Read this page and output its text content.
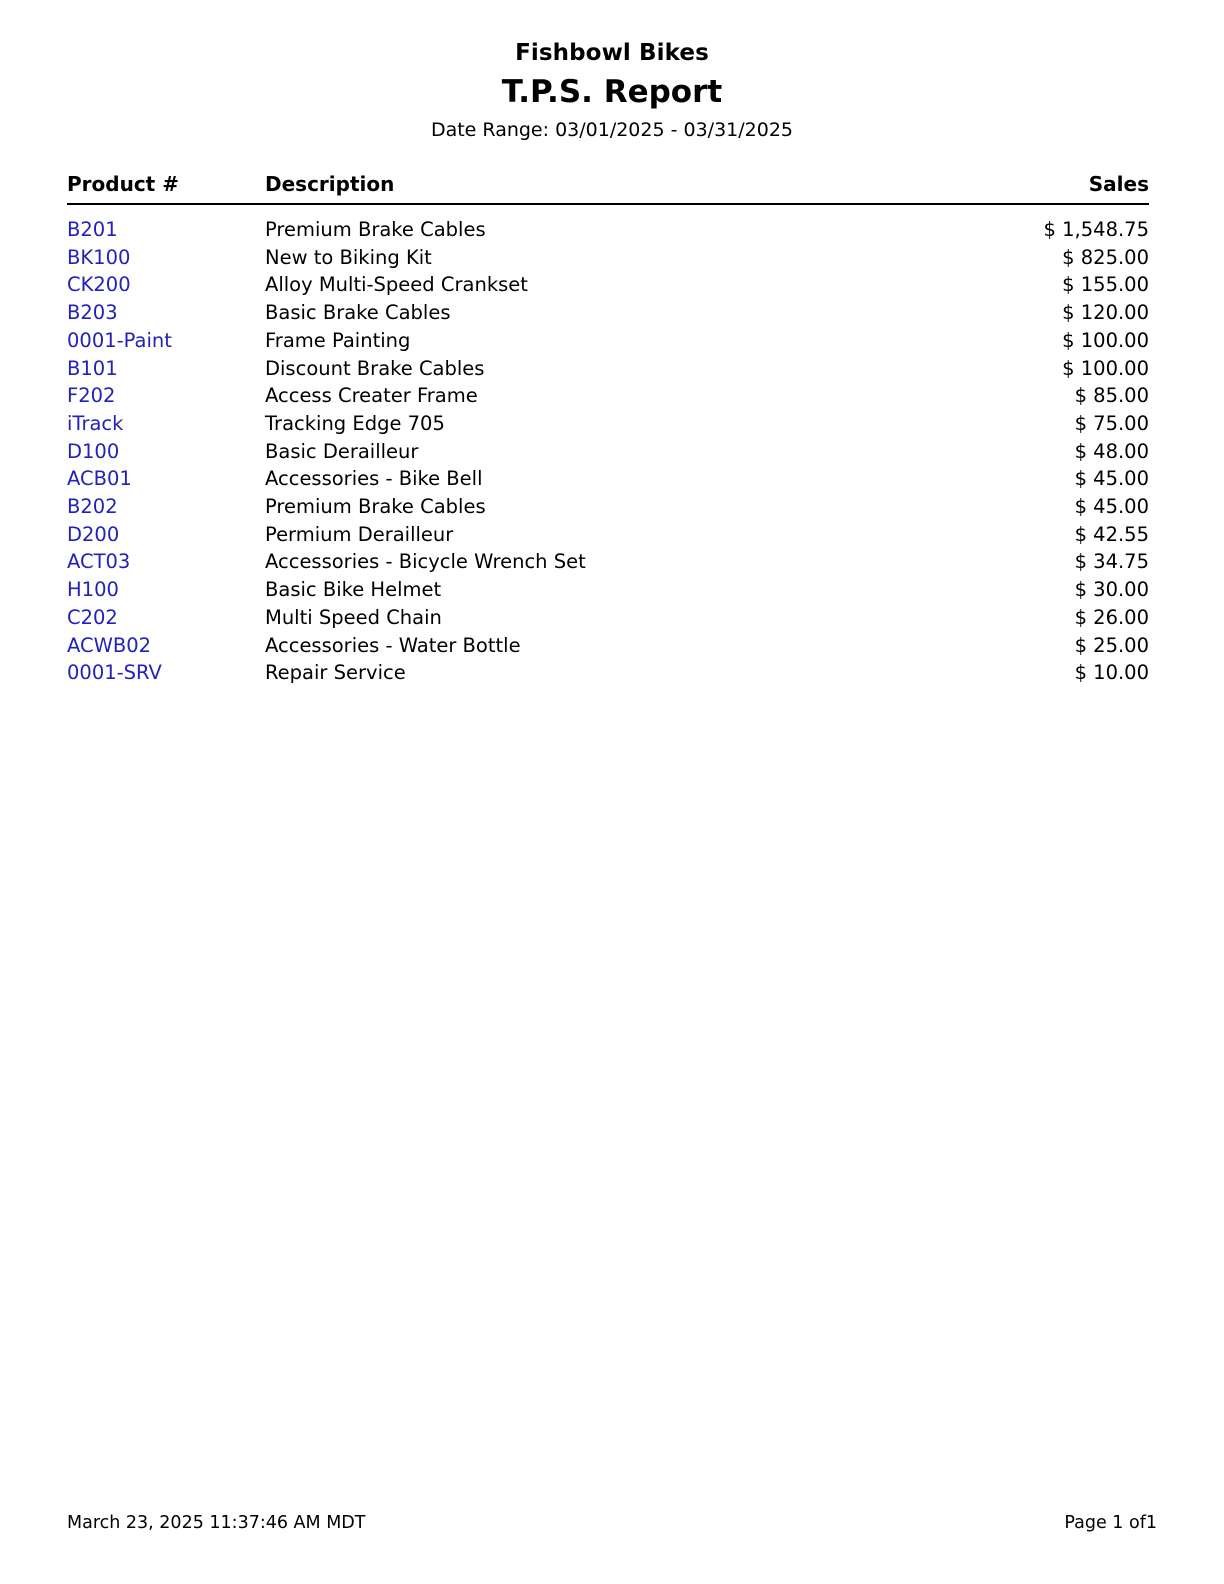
Fishbowl Bikes
T.P.S. Report
Date Range: 03/01/2025 - 03/31/2025
Product #	Description	Sales
B201	Premium Brake Cables	$ 1,548.75
BK100	New to Biking Kit	$ 825.00
CK200	Alloy Multi-Speed Crankset	$ 155.00
B203	Basic Brake Cables	$ 120.00
0001-Paint	Frame Painting	$ 100.00
B101	Discount Brake Cables	$ 100.00
F202	Access Creater Frame	$ 85.00
iTrack	Tracking Edge 705	$ 75.00
D100	Basic Derailleur	$ 48.00
ACB01	Accessories - Bike Bell	$ 45.00
B202	Premium Brake Cables	$ 45.00
D200	Permium Derailleur	$ 42.55
ACT03	Accessories - Bicycle Wrench Set	$ 34.75
H100	Basic Bike Helmet	$ 30.00
C202	Multi Speed Chain	$ 26.00
ACWB02	Accessories - Water Bottle	$ 25.00
0001-SRV	Repair Service	$ 10.00
March 23, 2025 11:37:46 AM MDT	Page 1 of1
